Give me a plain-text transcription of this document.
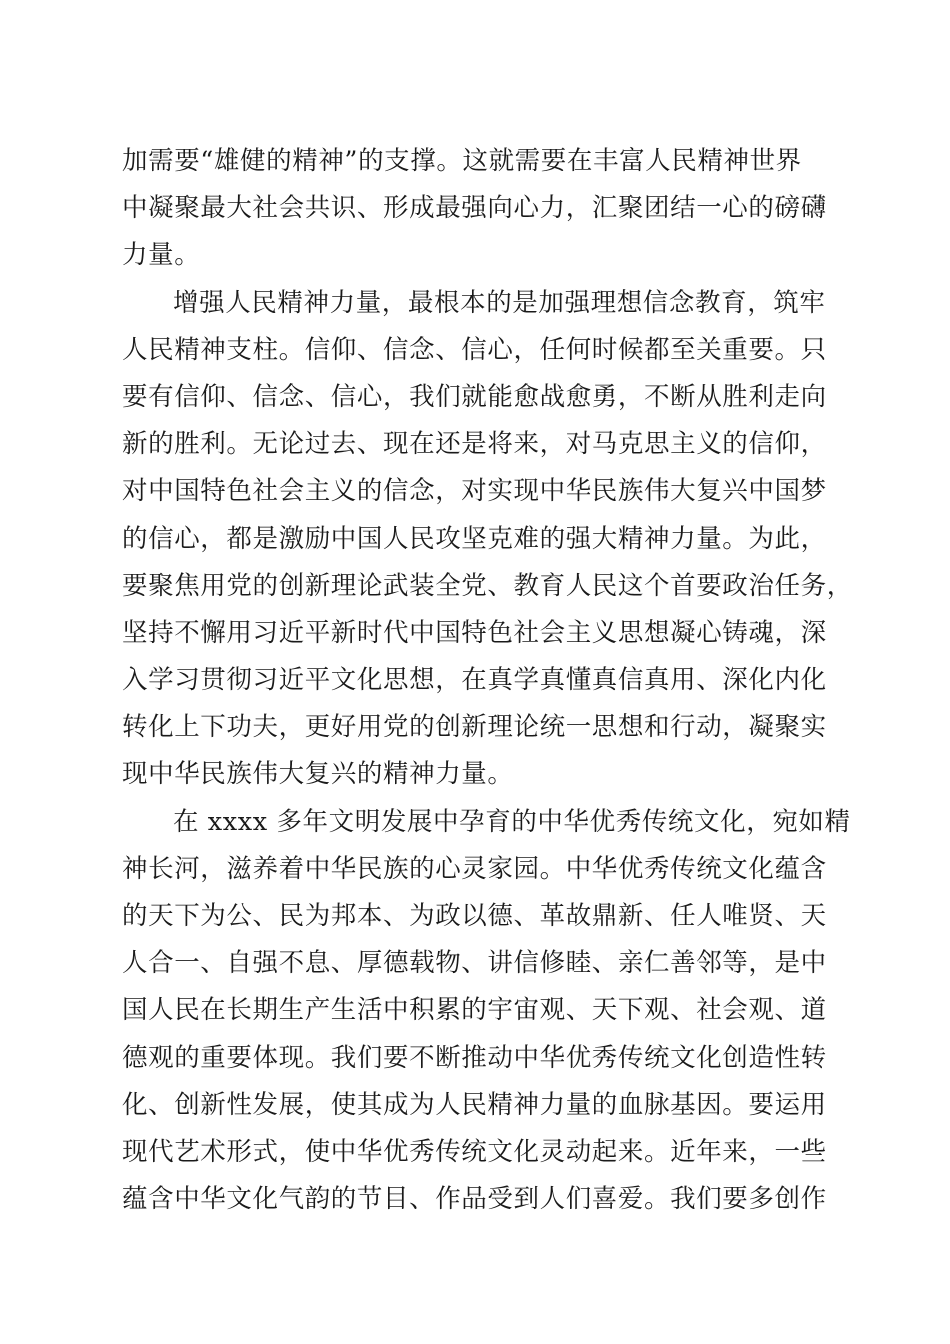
加需要“雄健的精神”的支撑。这就需要在丰富人民精神世界
中凝聚最大社会共识、形成最强向心力，汇聚团结一心的磅礴
力量。
增强人民精神力量，最根本的是加强理想信念教育，筑牢
人民精神支柱。信仰、信念、信心，任何时候都至关重要。只
要有信仰、信念、信心，我们就能愈战愈勇，不断从胜利走向
新的胜利。无论过去、现在还是将来，对马克思主义的信仰，
对中国特色社会主义的信念，对实现中华民族伟大复兴中国梦
的信心，都是激励中国人民攻坚克难的强大精神力量。为此，
要聚焦用党的创新理论武装全党、教育人民这个首要政治任务，
坚持不懈用习近平新时代中国特色社会主义思想凝心铸魂，深
入学习贯彻习近平文化思想，在真学真懂真信真用、深化内化
转化上下功夫，更好用党的创新理论统一思想和行动，凝聚实
现中华民族伟大复兴的精神力量。
在 xxxx 多年文明发展中孕育的中华优秀传统文化，宛如精
神长河，滋养着中华民族的心灵家园。中华优秀传统文化蕴含
的天下为公、民为邦本、为政以德、革故鼎新、任人唯贤、天
人合一、自强不息、厚德载物、讲信修睦、亲仁善邻等，是中
国人民在长期生产生活中积累的宇宙观、天下观、社会观、道
德观的重要体现。我们要不断推动中华优秀传统文化创造性转
化、创新性发展，使其成为人民精神力量的血脉基因。要运用
现代艺术形式，使中华优秀传统文化灵动起来。近年来，一些
蕴含中华文化气韵的节目、作品受到人们喜爱。我们要多创作
